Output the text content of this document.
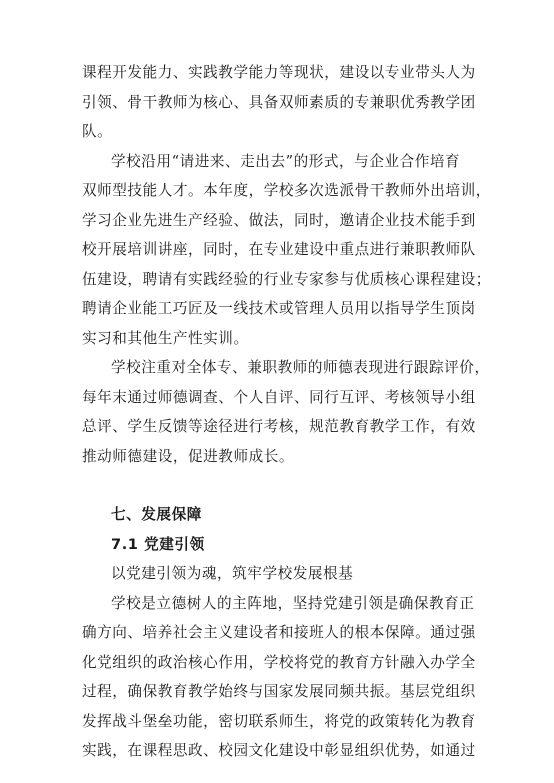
课程开发能力、实践教学能力等现状，建设以专业带头人为
引领、骨干教师为核心、具备双师素质的专兼职优秀教学团
队。

学校沿用“请进来、走出去”的形式，与企业合作培育
双师型技能人才。本年度，学校多次选派骨干教师外出培训，
学习企业先进生产经验、做法，同时，邀请企业技术能手到
校开展培训讲座，同时，在专业建设中重点进行兼职教师队
伍建设，聘请有实践经验的行业专家参与优质核心课程建设；
聘请企业能工巧匠及一线技术或管理人员用以指导学生顶岗
实习和其他生产性实训。

学校注重对全体专、兼职教师的师德表现进行跟踪评价，
每年末通过师德调查、个人自评、同行互评、考核领导小组
总评、学生反馈等途径进行考核，规范教育教学工作，有效
推动师德建设，促进教师成长。

七、发展保障
7.1 党建引领

以党建引领为魂，筑牢学校发展根基

学校是立德树人的主阵地，坚持党建引领是确保教育正
确方向、培养社会主义建设者和接班人的根本保障。通过强
化党组织的政治核心作用，学校将党的教育方针融入办学全
过程，确保教育教学始终与国家发展同频共振。基层党组织
发挥战斗堡垒功能，密切联系师生，将党的政策转化为教育
实践，在课程思政、校园文化建设中彰显组织优势，如通过
